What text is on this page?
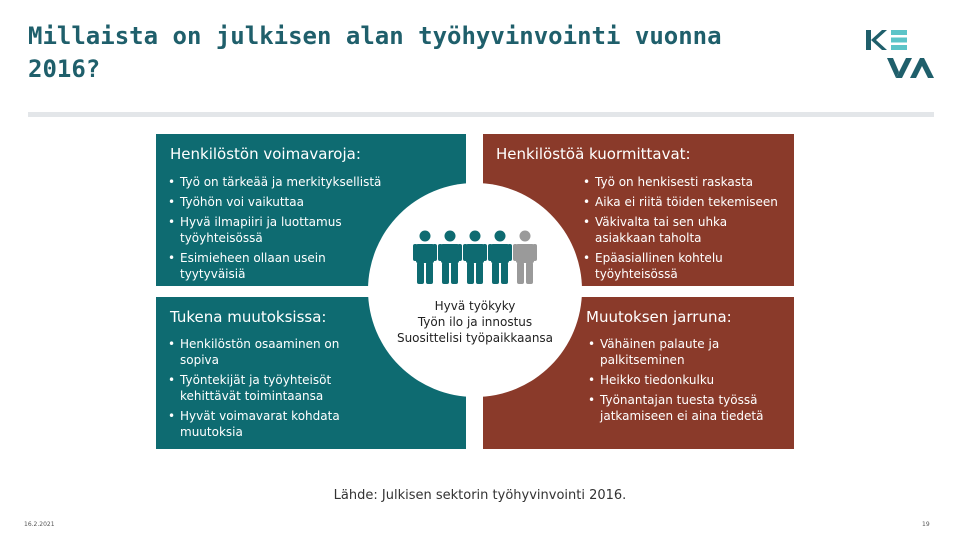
Millaista on julkisen alan työhyvinvointi vuonna 2016?
Henkilöstön voimavaroja:
• Työ on tärkeää ja merkityksellistä
• Työhön voi vaikuttaa
• Hyvä ilmapiiri ja luottamus työyhteisössä
• Esimieheen ollaan usein tyytyväisiä
Henkilöstöä kuormittavat:
• Työ on henkisesti raskasta
• Aika ei riitä töiden tekemiseen
• Väkivalta tai sen uhka asiakkaan taholta
• Epäasiallinen kohtelu työyhteisössä
Tukena muutoksissa:
• Henkilöstön osaaminen on sopiva
• Työntekijät ja työyhteisöt kehittävät toimintaansa
• Hyvät voimavarat kohdata muutoksia
Muutoksen jarruna:
• Vähäinen palaute ja palkitseminen
• Heikko tiedonkulku
• Työnantajan tuesta työssä jatkamiseen ei aina tiedetä
Hyvä työkyky
Työn ilo ja innostus
Suosittelisi työpaikkaansa
Lähde: Julkisen sektorin työhyvinvointi 2016.
16.2.2021	19
